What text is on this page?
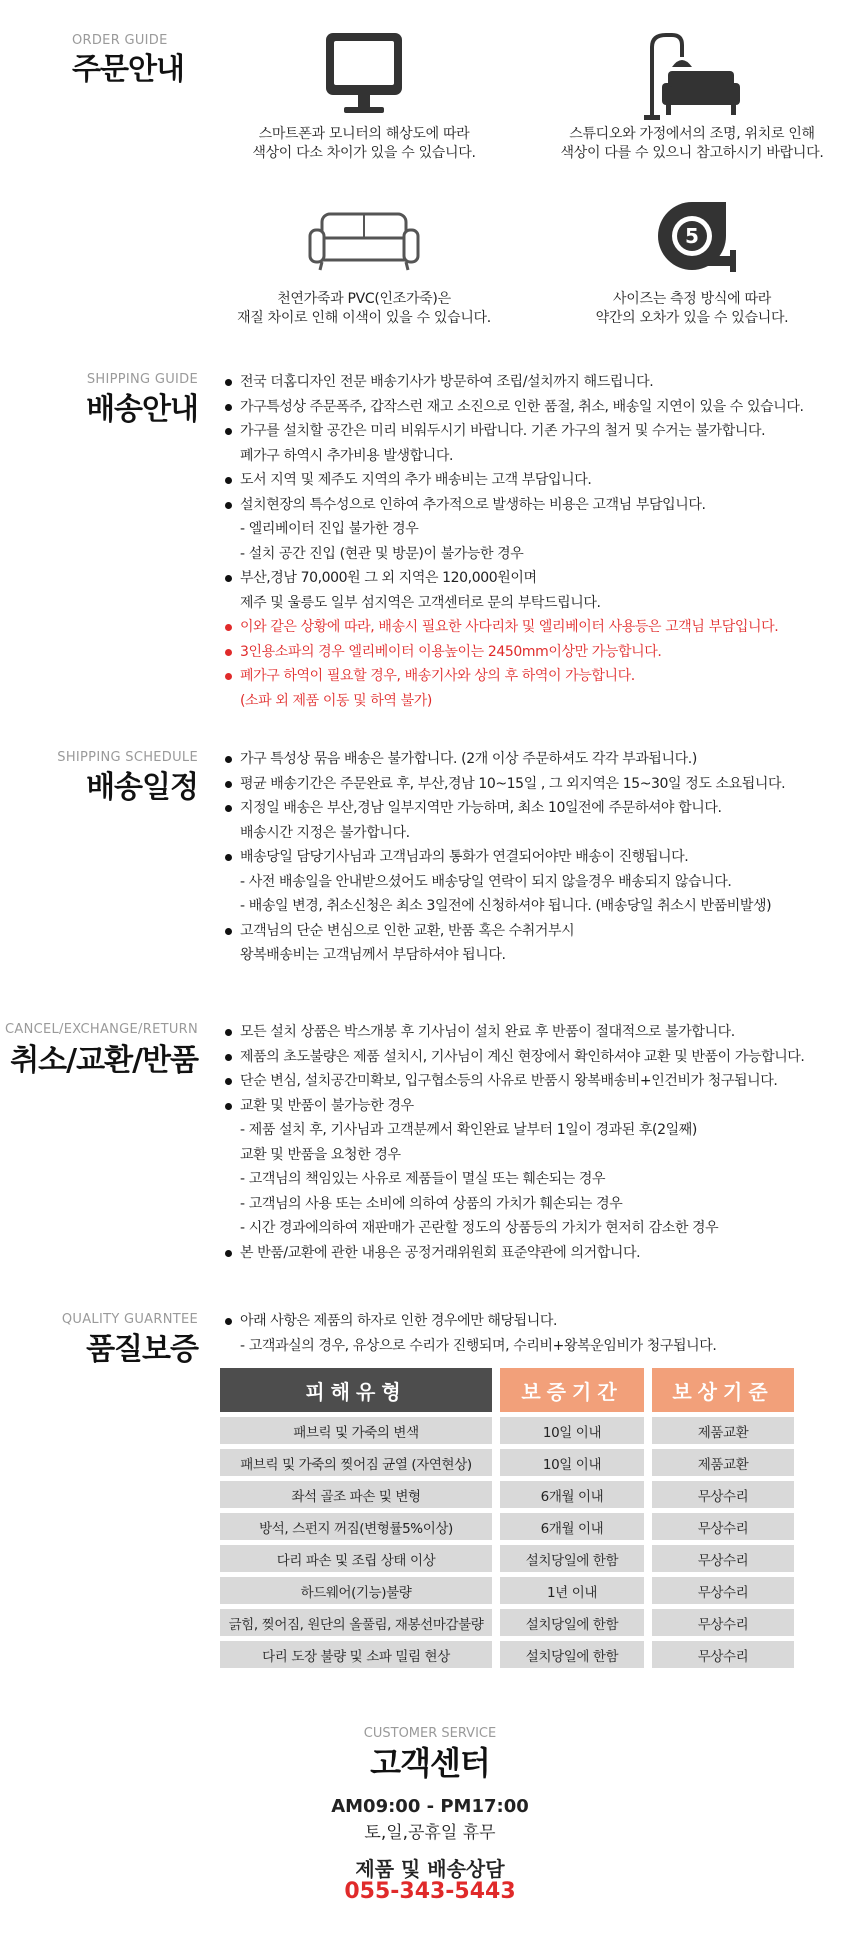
ORDER GUIDE
주문안내
스마트폰과 모니터의 해상도에 따라
색상이 다소 차이가 있을 수 있습니다.
스튜디오와 가정에서의 조명, 위치로 인해
색상이 다를 수 있으니 참고하시기 바랍니다.
천연가죽과 PVC(인조가죽)은
재질 차이로 인해 이색이 있을 수 있습니다.
5
사이즈는 측정 방식에 따라
약간의 오차가 있을 수 있습니다.
SHIPPING GUIDE
배송안내
전국 더홈디자인 전문 배송기사가 방문하여 조립/설치까지 해드립니다.
가구특성상 주문폭주, 갑작스런 재고 소진으로 인한 품절, 취소, 배송일 지연이 있을 수 있습니다.
가구를 설치할 공간은 미리 비워두시기 바랍니다. 기존 가구의 철거 및 수거는 불가합니다.
폐가구 하역시 추가비용 발생합니다.
도서 지역 및 제주도 지역의 추가 배송비는 고객 부담입니다.
설치현장의 특수성으로 인하여 추가적으로 발생하는 비용은 고객님 부담입니다.
- 엘리베이터 진입 불가한 경우
- 설치 공간 진입 (현관 및 방문)이 불가능한 경우
부산,경남 70,000원 그 외 지역은 120,000원이며
제주 및 울릉도 일부 섬지역은 고객센터로 문의 부탁드립니다.
이와 같은 상황에 따라, 배송시 필요한 사다리차 및 엘리베이터 사용등은 고객님 부담입니다.
3인용소파의 경우 엘리베이터 이용높이는 2450mm이상만 가능합니다.
폐가구 하역이 필요할 경우, 배송기사와 상의 후 하역이 가능합니다.
(소파 외 제품 이동 및 하역 불가)
SHIPPING SCHEDULE
배송일정
가구 특성상 묶음 배송은 불가합니다. (2개 이상 주문하셔도 각각 부과됩니다.)
평균 배송기간은 주문완료 후, 부산,경남 10~15일 , 그 외지역은 15~30일 정도 소요됩니다.
지정일 배송은 부산,경남 일부지역만 가능하며, 최소 10일전에 주문하셔야 합니다.
배송시간 지정은 불가합니다.
배송당일 담당기사님과 고객님과의 통화가 연결되어야만 배송이 진행됩니다.
- 사전 배송일을 안내받으셨어도 배송당일 연락이 되지 않을경우 배송되지 않습니다.
- 배송일 변경, 취소신청은 최소 3일전에 신청하셔야 됩니다. (배송당일 취소시 반품비발생)
고객님의 단순 변심으로 인한 교환, 반품 혹은 수취거부시
왕복배송비는 고객님께서 부담하셔야 됩니다.
CANCEL/EXCHANGE/RETURN
취소/교환/반품
모든 설치 상품은 박스개봉 후 기사님이 설치 완료 후 반품이 절대적으로 불가합니다.
제품의 초도불량은 제품 설치시, 기사님이 계신 현장에서 확인하셔야 교환 및 반품이 가능합니다.
단순 변심, 설치공간미확보, 입구협소등의 사유로 반품시 왕복배송비+인건비가 청구됩니다.
교환 및 반품이 불가능한 경우
- 제품 설치 후, 기사님과 고객분께서 확인완료 날부터 1일이 경과된 후(2일째)
교환 및 반품을 요청한 경우
- 고객님의 책임있는 사유로 제품들이 멸실 또는 훼손되는 경우
- 고객님의 사용 또는 소비에 의하여 상품의 가치가 훼손되는 경우
- 시간 경과에의하여 재판매가 곤란할 정도의 상품등의 가치가 현저히 감소한 경우
본 반품/교환에 관한 내용은 공정거래위원회 표준약관에 의거합니다.
QUALITY GUARNTEE
품질보증
아래 사항은 제품의 하자로 인한 경우에만 해당됩니다.
- 고객과실의 경우, 유상으로 수리가 진행되며, 수리비+왕복운임비가 청구됩니다.
피해유형		보증기간		보상기준
패브릭 및 가죽의 변색		10일 이내		제품교환
패브릭 및 가죽의 찢어짐 균열 (자연현상)		10일 이내		제품교환
좌석 골조 파손 및 변형		6개월 이내		무상수리
방석, 스펀지 꺼짐(변형률5%이상)		6개월 이내		무상수리
다리 파손 및 조립 상태 이상		설치당일에 한함		무상수리
하드웨어(기능)불량		1년 이내		무상수리
긁힘, 찢어짐, 원단의 올풀림, 재봉선마감불량		설치당일에 한함		무상수리
다리 도장 불량 및 소파 밀림 현상		설치당일에 한함		무상수리
CUSTOMER SERVICE
고객센터
AM09:00 - PM17:00
토,일,공휴일 휴무
제품 및 배송상담
055-343-5443
